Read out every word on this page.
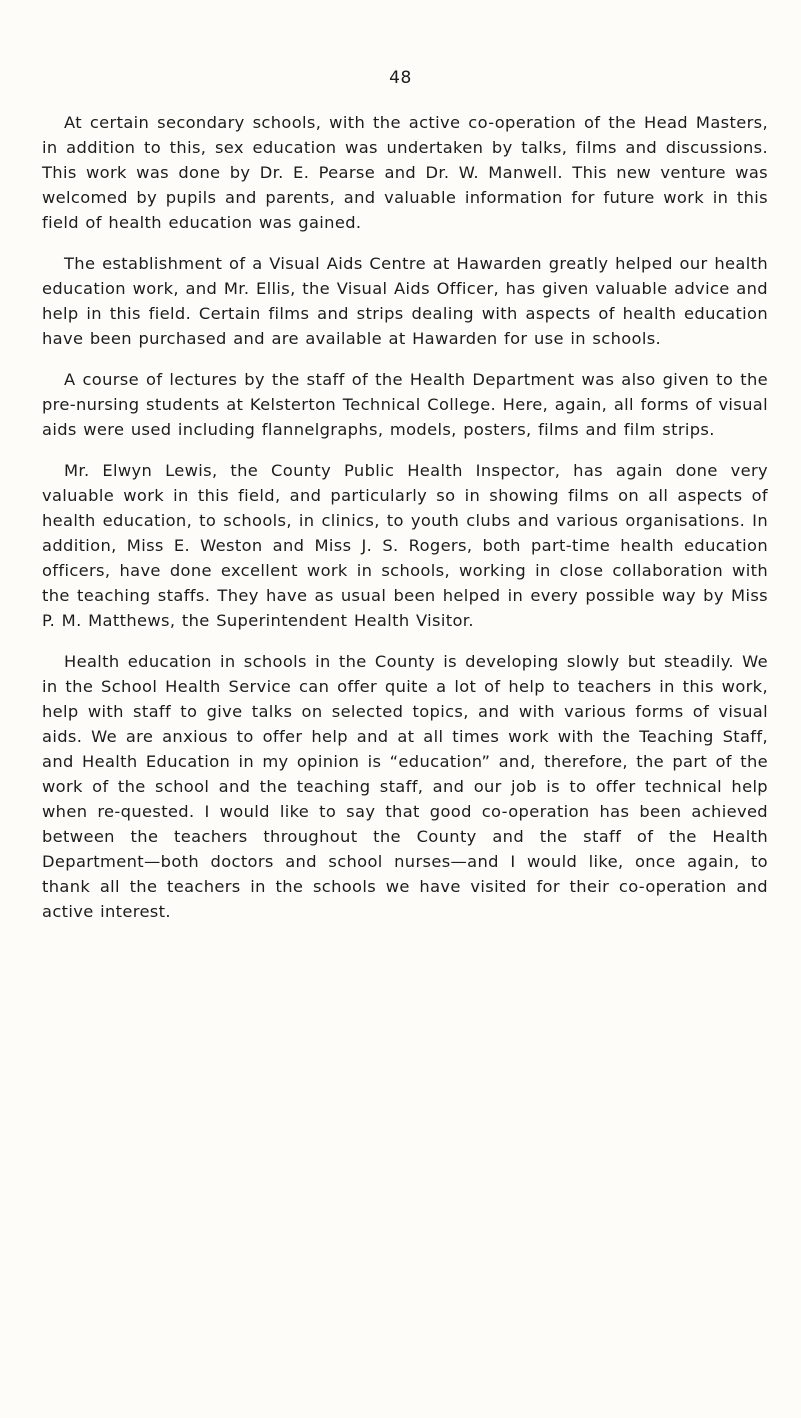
48

At certain secondary schools, with the active co-operation of the Head Masters, in addition to this, sex education was undertaken by talks, films and discussions. This work was done by Dr. E. Pearse and Dr. W. Manwell. This new venture was welcomed by pupils and parents, and valuable information for future work in this field of health education was gained.

The establishment of a Visual Aids Centre at Hawarden greatly helped our health education work, and Mr. Ellis, the Visual Aids Officer, has given valuable advice and help in this field. Certain films and strips dealing with aspects of health education have been purchased and are available at Hawarden for use in schools.

A course of lectures by the staff of the Health Department was also given to the pre-nursing students at Kelsterton Technical College. Here, again, all forms of visual aids were used including flannelgraphs, models, posters, films and film strips.

Mr. Elwyn Lewis, the County Public Health Inspector, has again done very valuable work in this field, and particularly so in showing films on all aspects of health education, to schools, in clinics, to youth clubs and various organisations. In addition, Miss E. Weston and Miss J. S. Rogers, both part-time health education officers, have done excellent work in schools, working in close collaboration with the teaching staffs. They have as usual been helped in every possible way by Miss P. M. Matthews, the Superintendent Health Visitor.

Health education in schools in the County is developing slowly but steadily. We in the School Health Service can offer quite a lot of help to teachers in this work, help with staff to give talks on selected topics, and with various forms of visual aids. We are anxious to offer help and at all times work with the Teaching Staff, and Health Education in my opinion is “education” and, therefore, the part of the work of the school and the teaching staff, and our job is to offer technical help when re-quested. I would like to say that good co-operation has been achieved between the teachers throughout the County and the staff of the Health Department—both doctors and school nurses—and I would like, once again, to thank all the teachers in the schools we have visited for their co-operation and active interest.
